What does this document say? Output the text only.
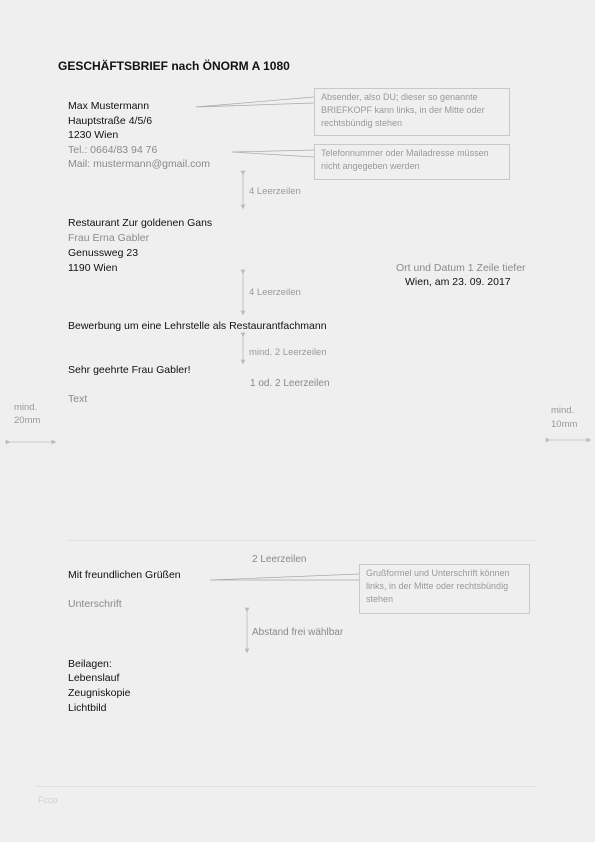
GESCHÄFTSBRIEF nach ÖNORM A 1080
Max Mustermann
Hauptstraße 4/5/6
1230 Wien
Tel.: 0664/83 94 76
Mail: mustermann@gmail.com
Absender, also DU; dieser so genannte BRIEFKOPF kann links, in der Mitte oder rechtsbündig stehen
Telefonnummer oder Mailadresse müssen nicht angegeben werden
4 Leerzeilen
Restaurant Zur goldenen Gans
Frau Erna Gabler
Genussweg 23
1190 Wien	Ort und Datum 1 Zeile tiefer
Wien, am 23. 09. 2017
4 Leerzeilen
Bewerbung um eine Lehrstelle als Restaurantfachmann
mind. 2 Leerzeilen
Sehr geehrte Frau Gabler!
1 od. 2 Leerzeilen
Text
mind.
20mm
mind.
10mm
2 Leerzeilen
Mit freundlichen Grüßen	Grußformel und Unterschrift können links, in der Mitte oder rechtsbündig stehen
Unterschrift
Abstand frei wählbar
Beilagen:
Lebenslauf
Zeugniskopie
Lichtbild
Fcco
